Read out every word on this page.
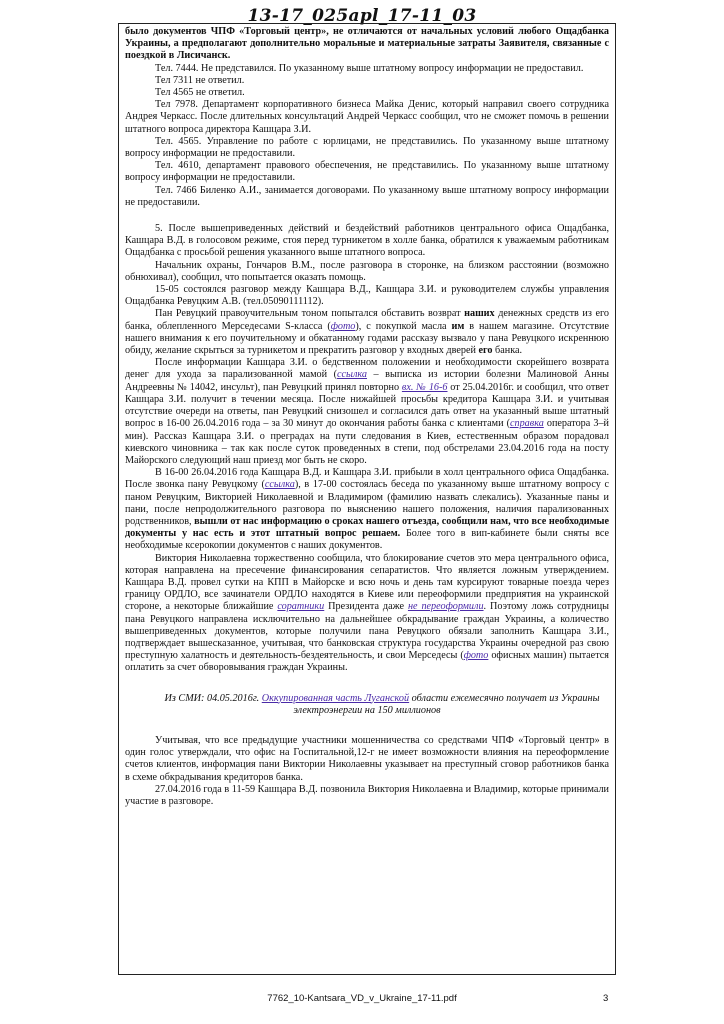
13-17_025apl_17-11_03

было документов ЧПФ «Торговый центр», не отличаются от начальных условий любого Ощадбанка Украины, а предполагают дополнительно моральные и материальные затраты Заявителя, связанные с поездкой в Лисичанск.

Тел. 7444. Не представился. По указанному выше штатному вопросу информации не предоставил.

Тел 7311 не ответил.

Тел 4565 не ответил.

Тел 7978. Департамент корпоративного бизнеса Майка Денис, который направил своего сотрудника Андрея Черкасс. После длительных консультаций Андрей Черкасс сообщил, что не сможет помочь в решении штатного вопроса директора Кашцара З.И.

Тел. 4565. Управление по работе с юрлицами, не представились. По указанному выше штатному вопросу информации не предоставили.

Тел. 4610, департамент правового обеспечения, не представились. По указанному выше штатному вопросу информации не предоставили.

Тел. 7466 Биленко А.И., занимается договорами. По указанному выше штатному вопросу информации не предоставили.

5. После вышеприведенных действий и бездействий работников центрального офиса Ощадбанка, Кашцара В.Д. в голосовом режиме, стоя перед турникетом в холле банка, обратился к уважаемым работникам Ощадбанка с просьбой решения указанного выше штатного вопроса.

Начальник охраны, Гончаров В.М., после разговора в сторонке, на близком расстоянии (возможно обнюхивал), сообщил, что попытается оказать помощь.

15-05 состоялся разговор между Кашцара В.Д., Кашцара З.И. и руководителем службы управления Ощадбанка Ревуцким А.В. (тел.05090111112).

Пан Ревуцкий правоучительным тоном попытался обставить возврат наших денежных средств из его банка, облепленного Мерседесами S-класса (фото), с покупкой масла им в нашем магазине. Отсутствие нашего внимания к его поучительному и обкатанному годами рассказу вызвало у пана Ревуцкого искреннюю обиду, желание скрыться за турникетом и прекратить разговор у входных дверей его банка.

После информации Кашцара З.И. о бедственном положении и необходимости скорейшего возврата денег для ухода за парализованной мамой (ссылка – выписка из истории болезни Малиновой Анны Андреевны № 14042, инсульт), пан Ревуцкий принял повторно вх. № 16-6 от 25.04.2016г. и сообщил, что ответ Кашцара З.И. получит в течении месяца. После нижайшей просьбы кредитора Кашцара З.И. и учитывая отсутствие очереди на ответы, пан Ревуцкий снизошел и согласился дать ответ на указанный выше штатный вопрос в 16-00 26.04.2016 года – за 30 минут до окончания работы банка с клиентами (справка оператора 3–й мин). Рассказ Кашцара З.И. о преградах на пути следования в Киев, естественным образом порадовал киевского чиновника – так как после суток проведенных в степи, под обстрелами 23.04.2016 года на посту Майорского следующий наш приезд мог быть не скоро.

В 16-00 26.04.2016 года Кашцара В.Д. и Кашцара З.И. прибыли в холл центрального офиса Ощадбанка. После звонка пану Ревуцкому (ссылка), в 17-00 состоялась беседа по указанному выше штатному вопросу с паном Ревуцким, Викторией Николаевной и Владимиром (фамилию назвать слекались). Указанные паны и пани, после непродолжительного разговора по выяснению нашего положения, наличия парализованных родственников, вышли от нас информацию о сроках нашего отъезда, сообщили нам, что все необходимые документы у нас есть и этот штатный вопрос решаем. Более того в вип-кабинете были сняты все необходимые ксерокопии документов с наших документов.

Виктория Николаевна торжественно сообщила, что блокирование счетов это мера центрального офиса, которая направлена на пресечение финансирования сепаратистов. Что является ложным утверждением. Кашцара В.Д. провел сутки на КПП в Майорске и всю ночь и день там курсируют товарные поезда через границу ОРДЛО, все зачинатели ОРДЛО находятся в Киеве или переоформили предприятия на украинской стороне, а некоторые ближайшие соратники Президента даже не переоформили. Поэтому ложь сотрудницы пана Ревуцкого направлена исключительно на дальнейшее обкрадывание граждан Украины, а количество вышеприведенных документов, которые получили пана Ревуцкого обязали заполнить Кашцара З.И., подтверждает вышесказанное, учитывая, что банковская структура государства Украины очередной раз свою преступную халатность и деятельность-бездеятельность, и свои Мерседесы (фото офисных машин) пытается оплатить за счет обворовывания граждан Украины.

Из СМИ: 04.05.2016г. Оккупированная часть Луганской области ежемесячно получает из Украины электроэнергии на 150 миллионов

Учитывая, что все предыдущие участники мошенничества со средствами ЧПФ «Торговый центр» в один голос утверждали, что офис на Госпитальной,12-г не имеет возможности влияния на переоформление счетов клиентов, информация пани Виктории Николаевны указывает на преступный сговор работников банка в схеме обкрадывания кредиторов банка.

27.04.2016 года в 11-59 Кашцара В.Д. позвонила Виктория Николаевна и Владимир, которые принимали участие в разговоре.

7762_10-Kantsara_VD_v_Ukraine_17-11.pdf	3
